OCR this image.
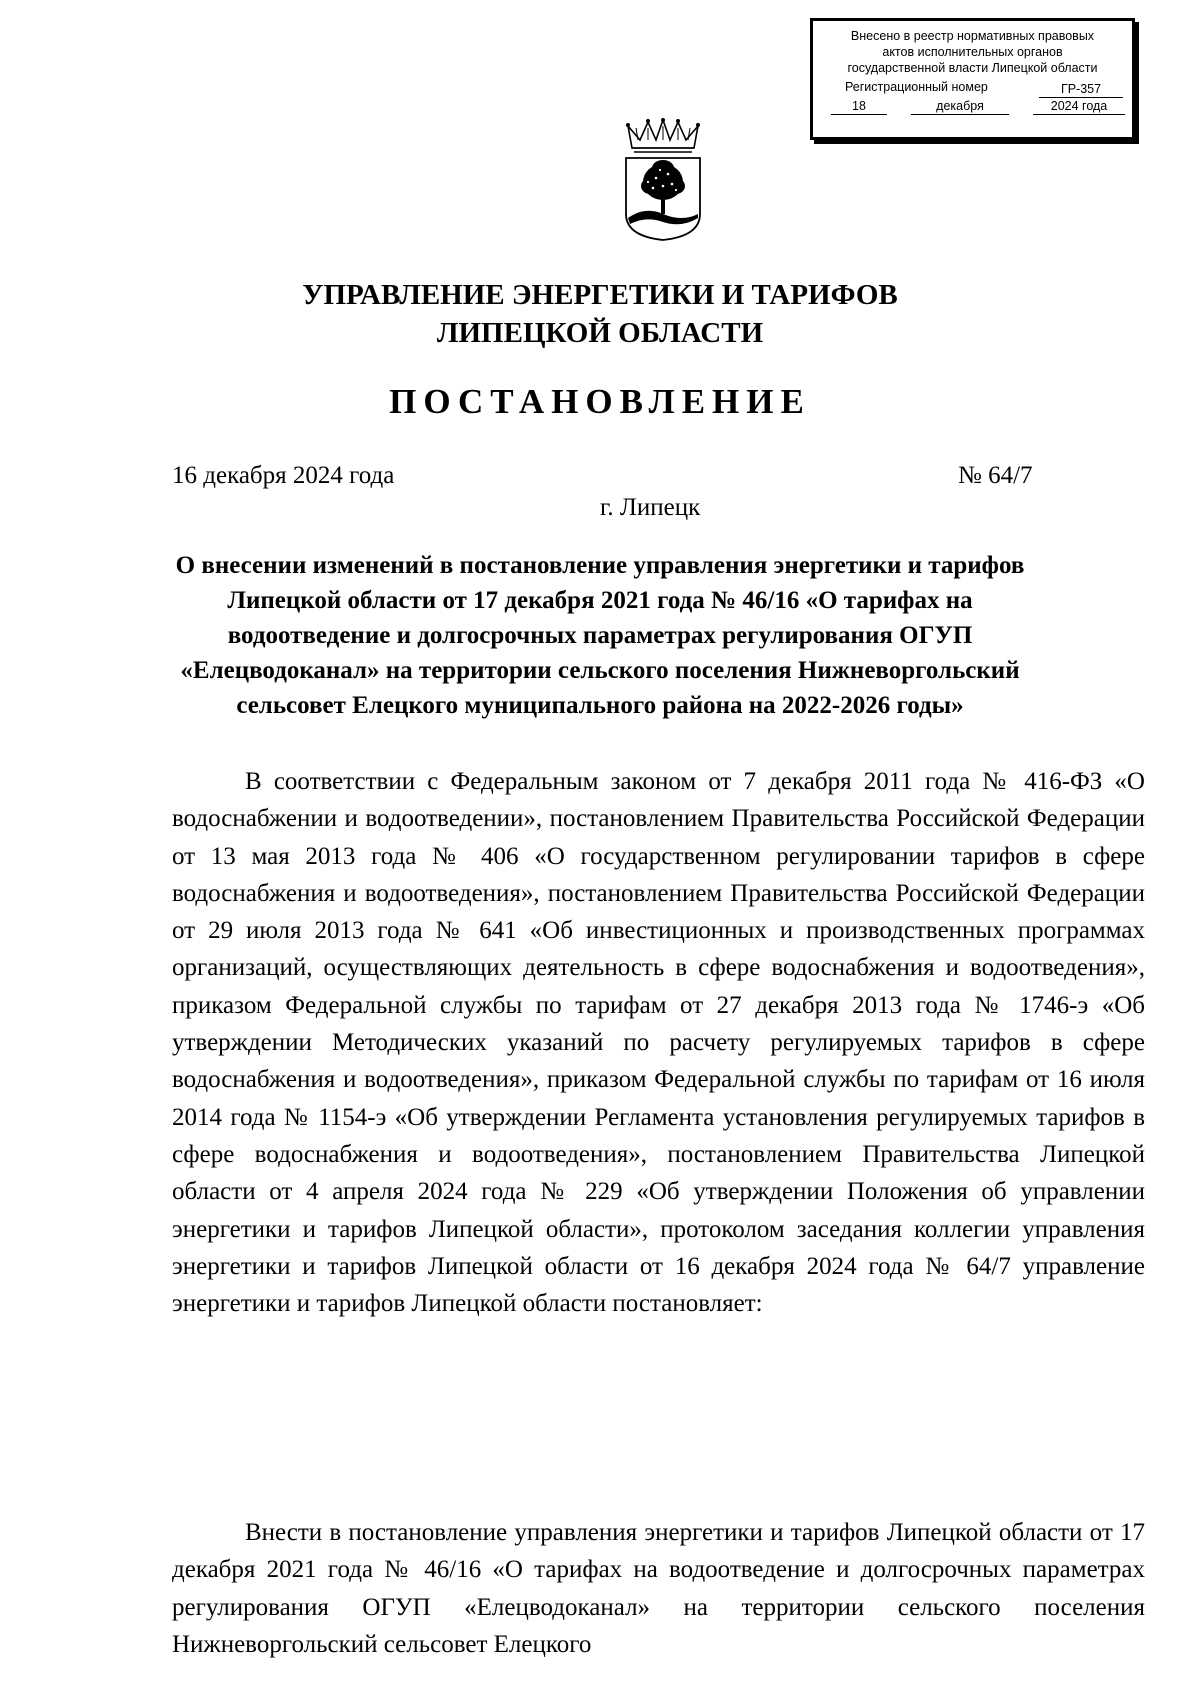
Внесено в реестр нормативных правовых
актов исполнительных органов
государственной власти Липецкой области
Регистрационный номер	ГР-357
18	декабря	2024 года
УПРАВЛЕНИЕ ЭНЕРГЕТИКИ И ТАРИФОВ
ЛИПЕЦКОЙ ОБЛАСТИ
ПОСТАНОВЛЕНИЕ
16 декабря 2024 года	№ 64/7
г. Липецк
О внесении изменений в постановление управления энергетики и тарифов
Липецкой области от 17 декабря 2021 года № 46/16 «О тарифах на
водоотведение и долгосрочных параметрах регулирования ОГУП
«Елецводоканал» на территории сельского поселения Нижневоргольский
сельсовет Елецкого муниципального района на 2022-2026 годы»

В соответствии с Федеральным законом от 7 декабря 2011 года № 416-ФЗ «О водоснабжении и водоотведении», постановлением Правительства Российской Федерации от 13 мая 2013 года № 406 «О государственном регулировании тарифов в сфере водоснабжения и водоотведения», постановлением Правительства Российской Федерации от 29 июля 2013 года № 641 «Об инвестиционных и производственных программах организаций, осуществляющих деятельность в сфере водоснабжения и водоотведения», приказом Федеральной службы по тарифам от 27 декабря 2013 года № 1746-э «Об утверждении Методических указаний по расчету регулируемых тарифов в сфере водоснабжения и водоотведения», приказом Федеральной службы по тарифам от 16 июля 2014 года № 1154-э «Об утверждении Регламента установления регулируемых тарифов в сфере водоснабжения и водоотведения», постановлением Правительства Липецкой области от 4 апреля 2024 года № 229 «Об утверждении Положения об управлении энергетики и тарифов Липецкой области», протоколом заседания коллегии управления энергетики и тарифов Липецкой области от 16 декабря 2024 года № 64/7 управление энергетики и тарифов Липецкой области постановляет:

Внести в постановление управления энергетики и тарифов Липецкой области от 17 декабря 2021 года № 46/16 «О тарифах на водоотведение и долгосрочных параметрах регулирования ОГУП «Елецводоканал» на территории сельского поселения Нижневоргольский сельсовет Елецкого
